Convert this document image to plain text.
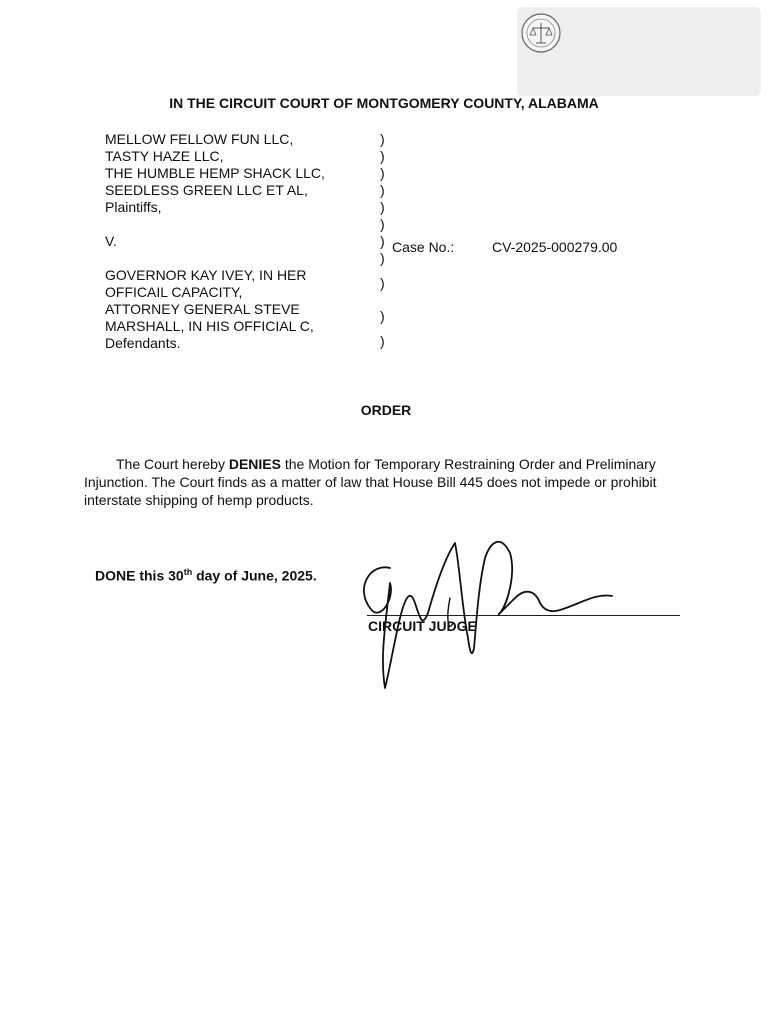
IN THE CIRCUIT COURT OF MONTGOMERY COUNTY, ALABAMA
MELLOW FELLOW FUN LLC,
TASTY HAZE LLC,
THE HUMBLE HEMP SHACK LLC,
SEEDLESS GREEN LLC ET AL,
Plaintiffs,
V.
GOVERNOR KAY IVEY, IN HER
OFFICAIL CAPACITY,
ATTORNEY GENERAL STEVE
MARSHALL, IN HIS OFFICIAL C,
Defendants.
)
)
)
)
)
)
)
)
)
)
)
Case No.:	CV-2025-000279.00
ORDER
The Court hereby DENIES the Motion for Temporary Restraining Order and Preliminary Injunction. The Court finds as a matter of law that House Bill 445 does not impede or prohibit interstate shipping of hemp products.
DONE this 30th day of June, 2025.
CIRCUIT JUDGE
